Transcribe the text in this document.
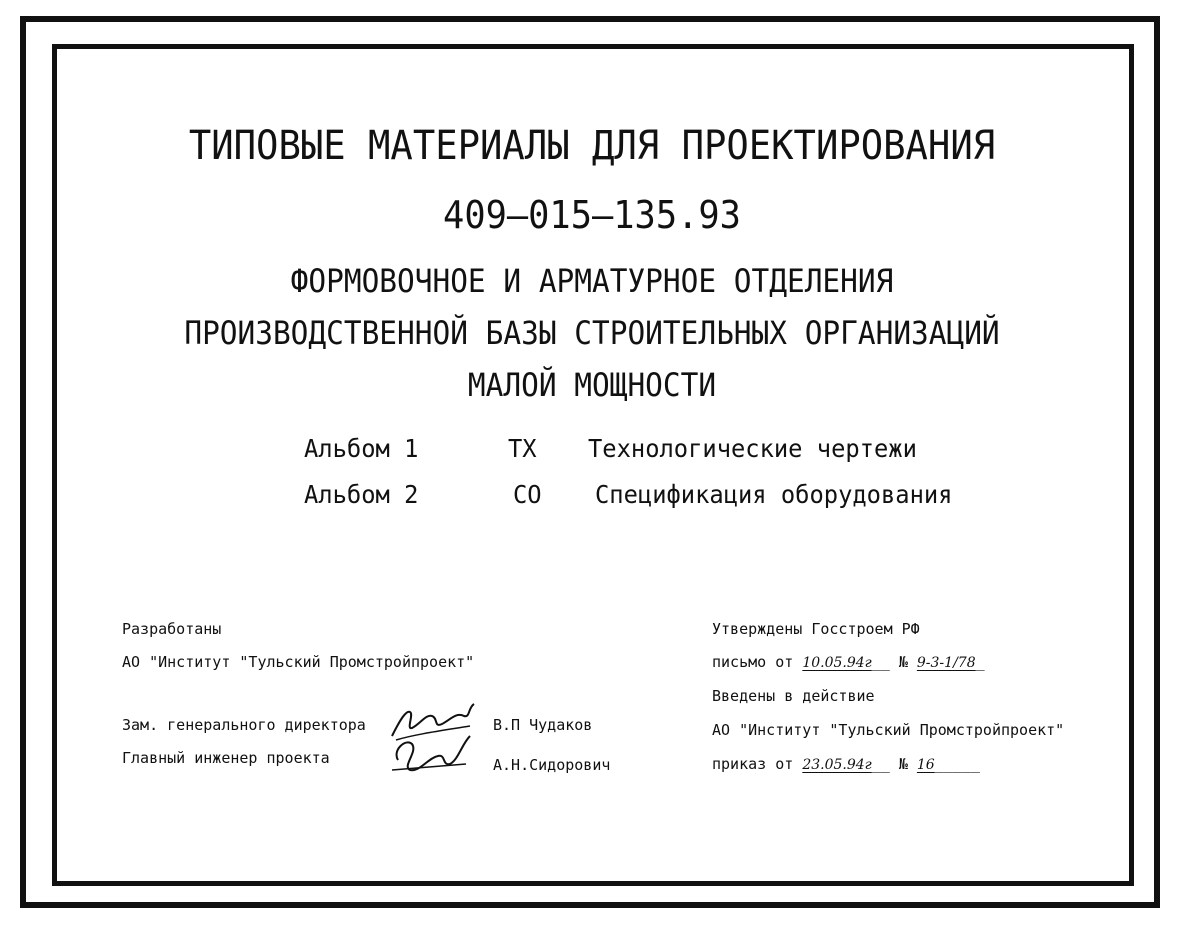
ТИПОВЫЕ МАТЕРИАЛЫ ДЛЯ ПРОЕКТИРОВАНИЯ
409–015–135.93
ФОРМОВОЧНОЕ И АРМАТУРНОЕ ОТДЕЛЕНИЯ
ПРОИЗВОДСТВЕННОЙ БАЗЫ СТРОИТЕЛЬНЫХ ОРГАНИЗАЦИЙ
МАЛОЙ МОЩНОСТИ
Альбом 1	ТХ Технологические чертежи
Альбом 2	СО Спецификация оборудования
Разработаны
АО "Институт "Тульский Промстройпроект"
Зам. генерального директора
Главный инженер проекта
В.П Чудаков
А.Н.Сидорович
Утверждены Госстроем РФ
письмо от 10.05.94г__ № 9-3-1/78_
Введены в действие
АО "Институт "Тульский Промстройпроект"
приказ от 23.05.94г__ № 16_____
